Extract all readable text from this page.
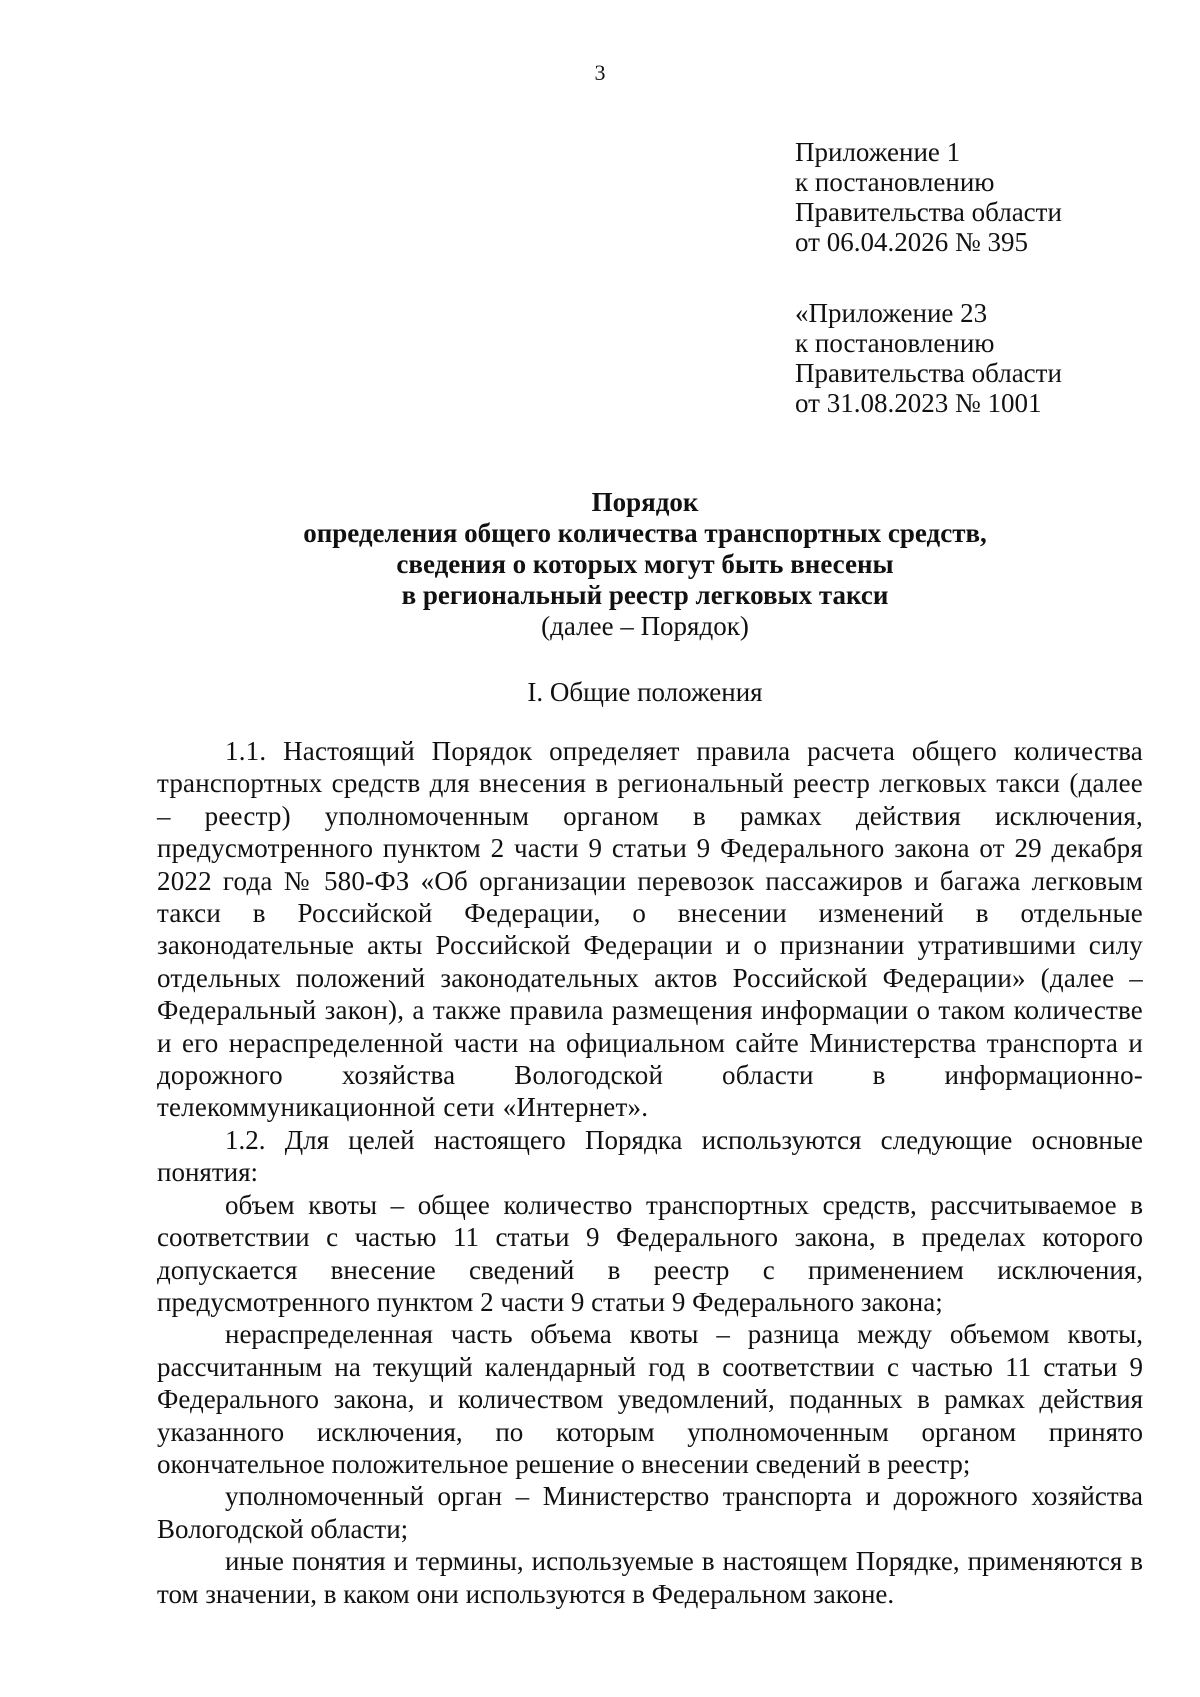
3
Приложение 1
к постановлению
Правительства области
от 06.04.2026 № 395
«Приложение 23
к постановлению
Правительства области
от 31.08.2023 № 1001
Порядок
определения общего количества транспортных средств,
сведения о которых могут быть внесены
в региональный реестр легковых такси
(далее – Порядок)
I. Общие положения

1.1. Настоящий Порядок определяет правила расчета общего количества транспортных средств для внесения в региональный реестр легковых такси (далее – реестр) уполномоченным органом в рамках действия исключения, предусмотренного пунктом 2 части 9 статьи 9 Федерального закона от 29 декабря 2022 года № 580-ФЗ «Об организации перевозок пассажиров и багажа легковым такси в Российской Федерации, о внесении изменений в отдельные законодательные акты Российской Федерации и о признании утратившими силу отдельных положений законодательных актов Российской Федерации» (далее – Федеральный закон), а также правила размещения информации о таком количестве и его нераспределенной части на официальном сайте Министерства транспорта и дорожного хозяйства Вологодской области в информационно-телекоммуникационной сети «Интернет».

1.2. Для целей настоящего Порядка используются следующие основные понятия:

объем квоты – общее количество транспортных средств, рассчитываемое в соответствии с частью 11 статьи 9 Федерального закона, в пределах которого допускается внесение сведений в реестр с применением исключения, предусмотренного пунктом 2 части 9 статьи 9 Федерального закона;

нераспределенная часть объема квоты – разница между объемом квоты, рассчитанным на текущий календарный год в соответствии с частью 11 статьи 9 Федерального закона, и количеством уведомлений, поданных в рамках действия указанного исключения, по которым уполномоченным органом принято окончательное положительное решение о внесении сведений в реестр;

уполномоченный орган – Министерство транспорта и дорожного хозяйства Вологодской области;

иные понятия и термины, используемые в настоящем Порядке, применяются в том значении, в каком они используются в Федеральном законе.
